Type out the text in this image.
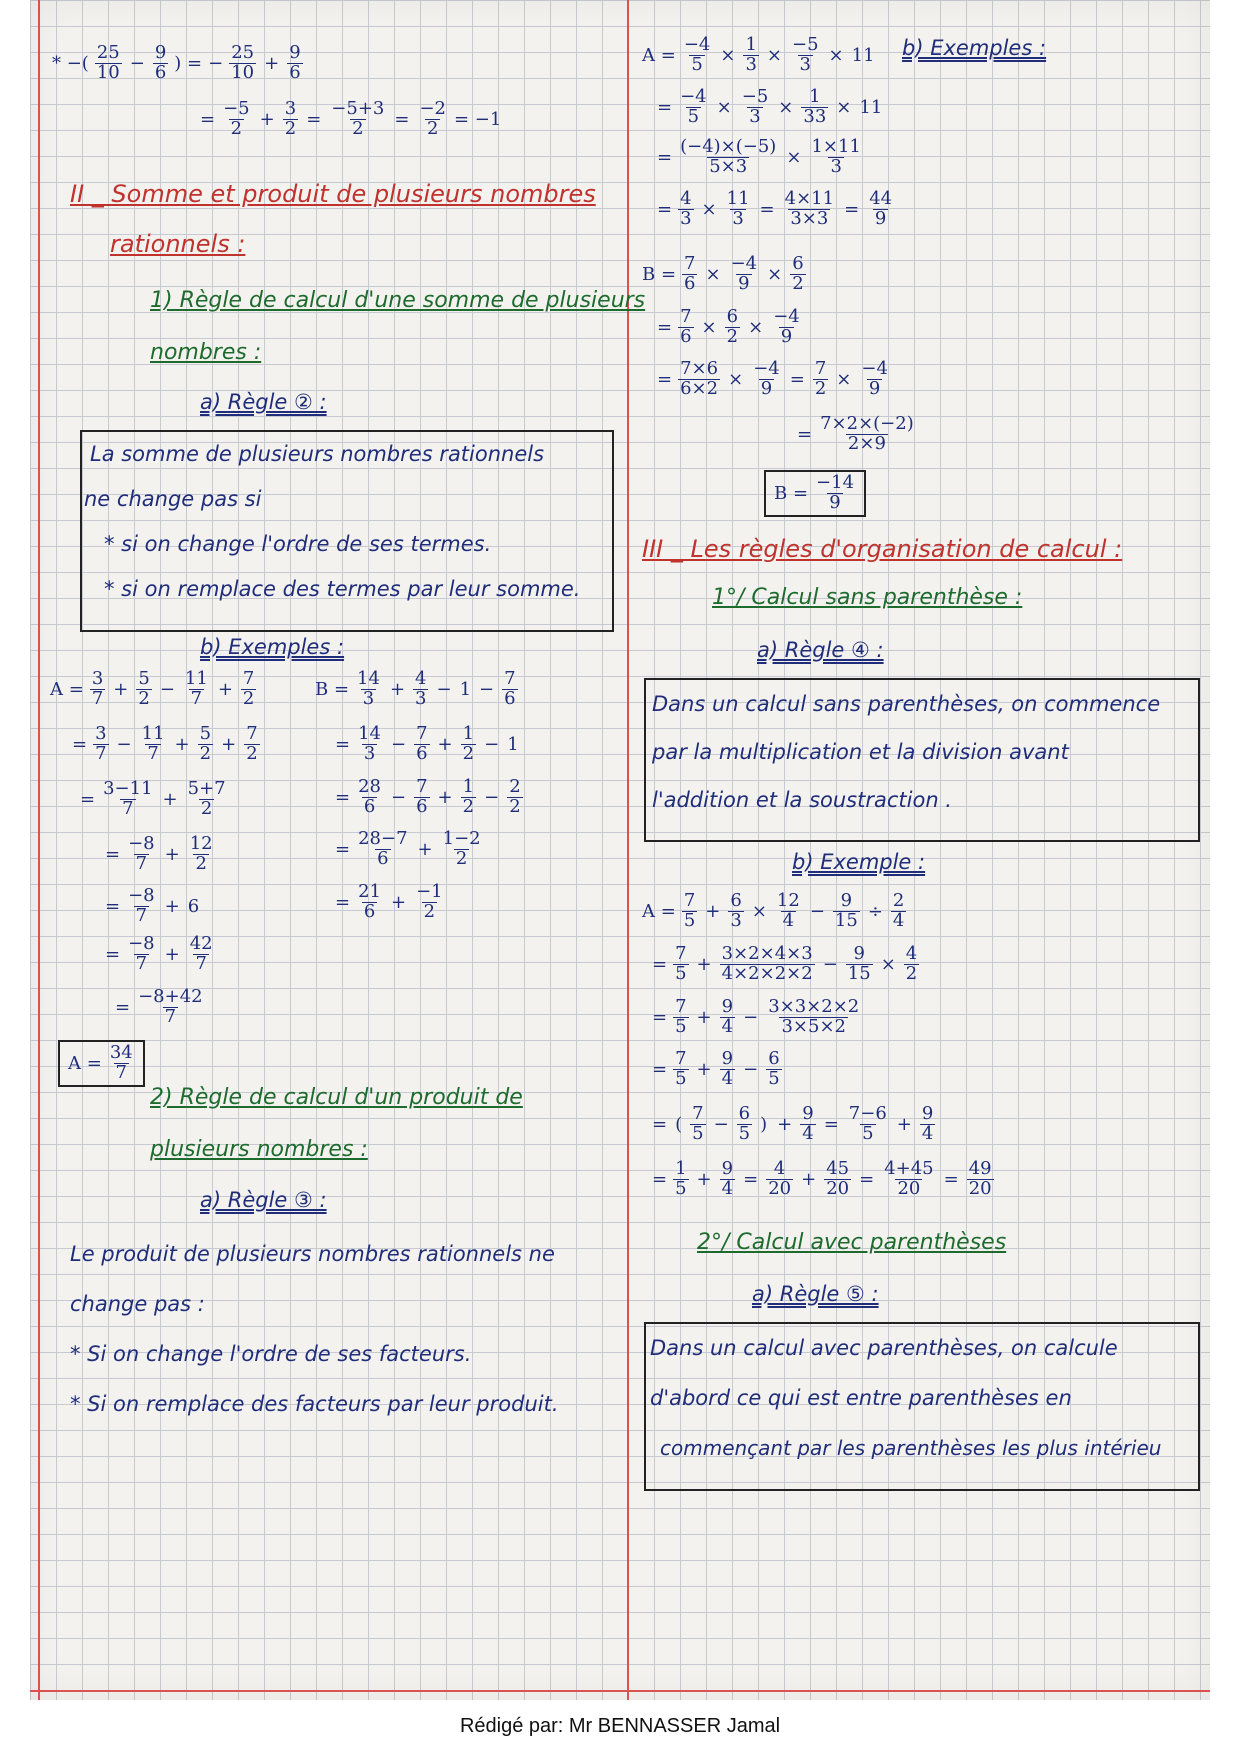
* −( $\frac{25}{10} - \frac{9}{6}$ ) = − $\frac{25}{10} + \frac{9}{6}$
= $\frac{-5}{2} + \frac{3}{2} = \frac{-5+3}{2} = \frac{-2}{2} = -1$
II _ Somme et produit de plusieurs nombres
rationnels :
1) Règle de calcul d'une somme de plusieurs
nombres :
a) Règle ② :
La somme de plusieurs nombres rationnels
ne change pas si
* si on change l'ordre de ses termes.
* si on remplace des termes par leur somme.
b) Exemples :
$A = \frac{3}{7} + \frac{5}{2} - \frac{11}{7} + \frac{7}{2}$
= $\frac{3}{7} - \frac{11}{7} + \frac{5}{2} + \frac{7}{2}$
= $\frac{3-11}{7} + \frac{5+7}{2}$
= $\frac{-8}{7} + \frac{12}{2}$
= $\frac{-8}{7} + 6$
= $\frac{-8}{7} + \frac{42}{7}$
= $\frac{-8+42}{7}$
$A = \frac{34}{7}$
$B = \frac{14}{3} + \frac{4}{3} - 1 - \frac{7}{6}$
= $\frac{14}{3} - \frac{7}{6} + \frac{1}{2} - 1$
= $\frac{28}{6} - \frac{7}{6} + \frac{1}{2} - \frac{2}{2}$
= $\frac{28-7}{6} + \frac{1-2}{2}$
= $\frac{21}{6} + \frac{-1}{2}$
2) Règle de calcul d'un produit de
plusieurs nombres :
a) Règle ③ :
Le produit de plusieurs nombres rationnels ne
change pas :
* Si on change l'ordre de ses facteurs.
* Si on remplace des facteurs par leur produit.
$A = \frac{-4}{5} \times \frac{1}{3} \times \frac{-5}{3} \times 11$ b) Exemples :
= $\frac{-4}{5} \times \frac{-5}{3} \times \frac{1}{33} \times 11$
= $\frac{(-4)\times(-5)}{5\times 3} \times \frac{1\times 11}{3}$
= $\frac{4}{3} \times \frac{11}{3} = \frac{4\times 11}{3\times 3} = \frac{44}{9}$
$B = \frac{7}{6} \times \frac{-4}{9} \times \frac{6}{2}$
= $\frac{7}{6} \times \frac{6}{2} \times \frac{-4}{9}$
= $\frac{7\times 6}{6\times 2} \times \frac{-4}{9} = \frac{7}{2} \times \frac{-4}{9}$
= $\frac{7\times 2\times(-2)}{2\times 9}$
$B = \frac{-14}{9}$
III _ Les règles d'organisation de calcul :
1°/ Calcul sans parenthèse :
a) Règle ④ :
Dans un calcul sans parenthèses, on commence
par la multiplication et la division avant
l'addition et la soustraction .
b) Exemple :
$A = \frac{7}{5} + \frac{6}{3} \times \frac{12}{4} - \frac{9}{15} \div \frac{2}{4}$
= $\frac{7}{5} + \frac{3\times 2\times 4\times 3}{4\times 2\times 2\times 2} - \frac{9}{15} \times \frac{4}{2}$
= $\frac{7}{5} + \frac{9}{4} - \frac{3\times 3\times 2\times 2}{3\times 5\times 2}$
= $\frac{7}{5} + \frac{9}{4} - \frac{6}{5}$
= ( $\frac{7}{5} - \frac{6}{5}$ ) + $\frac{9}{4} = \frac{7-6}{5} + \frac{9}{4}$
= $\frac{1}{5} + \frac{9}{4} = \frac{4}{20} + \frac{45}{20} = \frac{4+45}{20} = \frac{49}{20}$
2°/ Calcul avec parenthèses
a) Règle ⑤ :
Dans un calcul avec parenthèses, on calcule
d'abord ce qui est entre parenthèses en
commençant par les parenthèses les plus intérieu
Rédigé par: Mr BENNASSER Jamal
